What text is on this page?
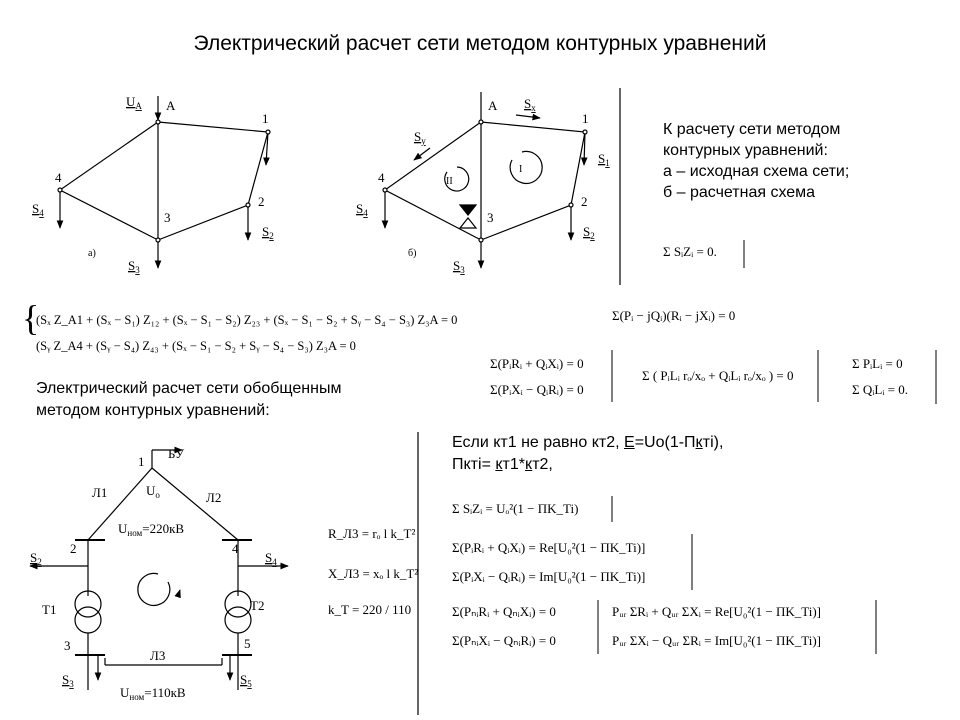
Электрический расчет сети методом контурных уравнений
К расчету сети методом
контурных уравнений:
а – исходная схема сети;
б – расчетная схема
Электрический расчет сети обобщенным
методом контурных уравнений:
Если кт1 не равно кт2, E=Uо(1-Пктi),
Пктi= кт1*кт2,
$U_A$ A
1
2
3
4
$S_2$
$S_3$
$S_4$
а)
A $S_x$
$S_y$
1
2
3
4
$S_1$
$S_2$
$S_3$
$S_4$
I
II
б)	Σ SᵢZᵢ = 0.
{
(Sₓ Z_A1 + (Sₓ − S₁) Z₁₂ + (Sₓ − S₁ − S₂) Z₂₃ + (Sₓ − S₁ − S₂ + Sᵧ − S₄ − S₃) Z₃A = 0
(Sᵧ Z_A4 + (Sᵧ − S₄) Z₄₃ + (Sₓ − S₁ − S₂ + Sᵧ − S₄ − S₃) Z₃A = 0
Σ(Pᵢ − jQᵢ)(Rᵢ − jXᵢ) = 0
Σ(PᵢRᵢ + QᵢXᵢ) = 0
Σ(PᵢXᵢ − QᵢRᵢ) = 0
Σ ( PᵢLᵢ rₒ/xₒ + QᵢLᵢ rₒ/xₒ ) = 0
Σ PᵢLᵢ = 0
Σ QᵢLᵢ = 0.
1
БУ
Л1	Л2
$U_o$
$U_{ном}=220кВ$
2	4
$S_2$	$S_4$
Т1	Т2
3	5
Л3
$S_3$	$S_5$
$U_{ном}=110кВ$
R_Л3 = rₒ l k_T²
X_Л3 = xₒ l k_T²
k_T = 220 / 110
Σ SᵢZᵢ = Uₒ²(1 − ПK_Ti)
Σ(PᵢRᵢ + QᵢXᵢ) = Re[U₀²(1 − ПK_Ti)]
Σ(PᵢXᵢ − QᵢRᵢ) = Im[U₀²(1 − ПK_Ti)]
Σ(PₙᵢRᵢ + QₙᵢXᵢ) = 0
Σ(PₙᵢXᵢ − QₙᵢRᵢ) = 0
Pᵤᵣ ΣRᵢ + Qᵤᵣ ΣXᵢ = Re[U₀²(1 − ПK_Ti)]
Pᵤᵣ ΣXᵢ − Qᵤᵣ ΣRᵢ = Im[U₀²(1 − ПK_Ti)]
